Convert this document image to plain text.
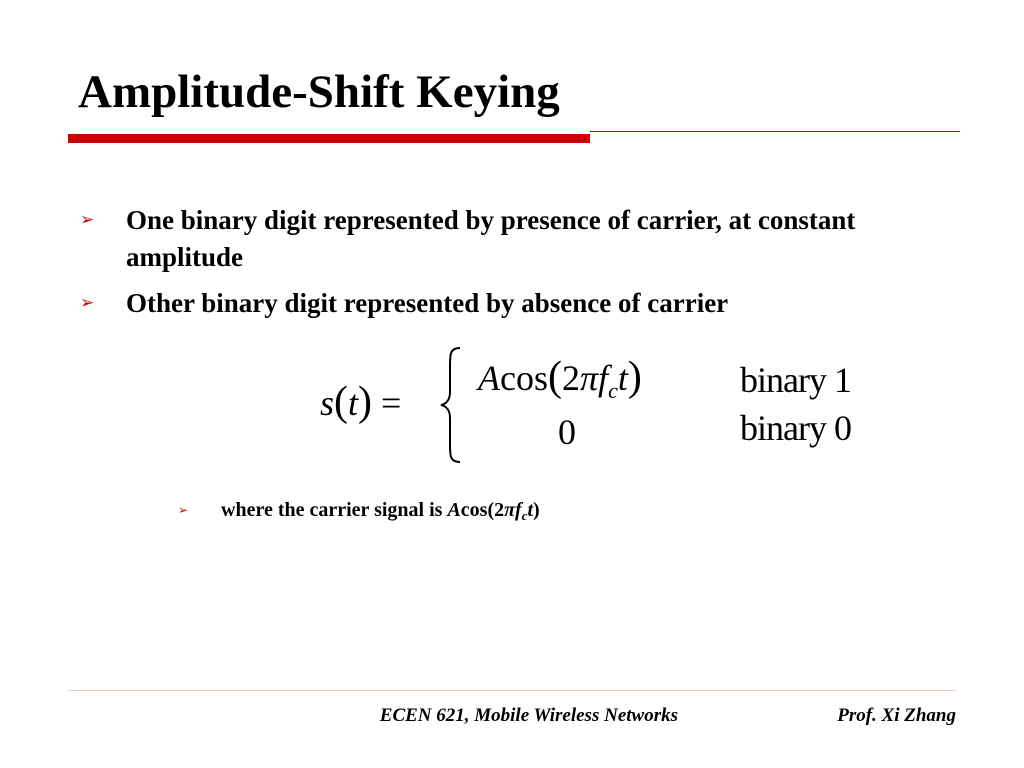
Amplitude-Shift Keying
➢ One binary digit represented by presence of carrier, at constant amplitude
➢ Other binary digit represented by absence of carrier
s(t) =
$Acos(2\pi f_ct)$
0
binary 1
binary 0
➢ where the carrier signal is $Acos(2\pi f_ct)$
ECEN 621, Mobile Wireless Networks	Prof. Xi Zhang
